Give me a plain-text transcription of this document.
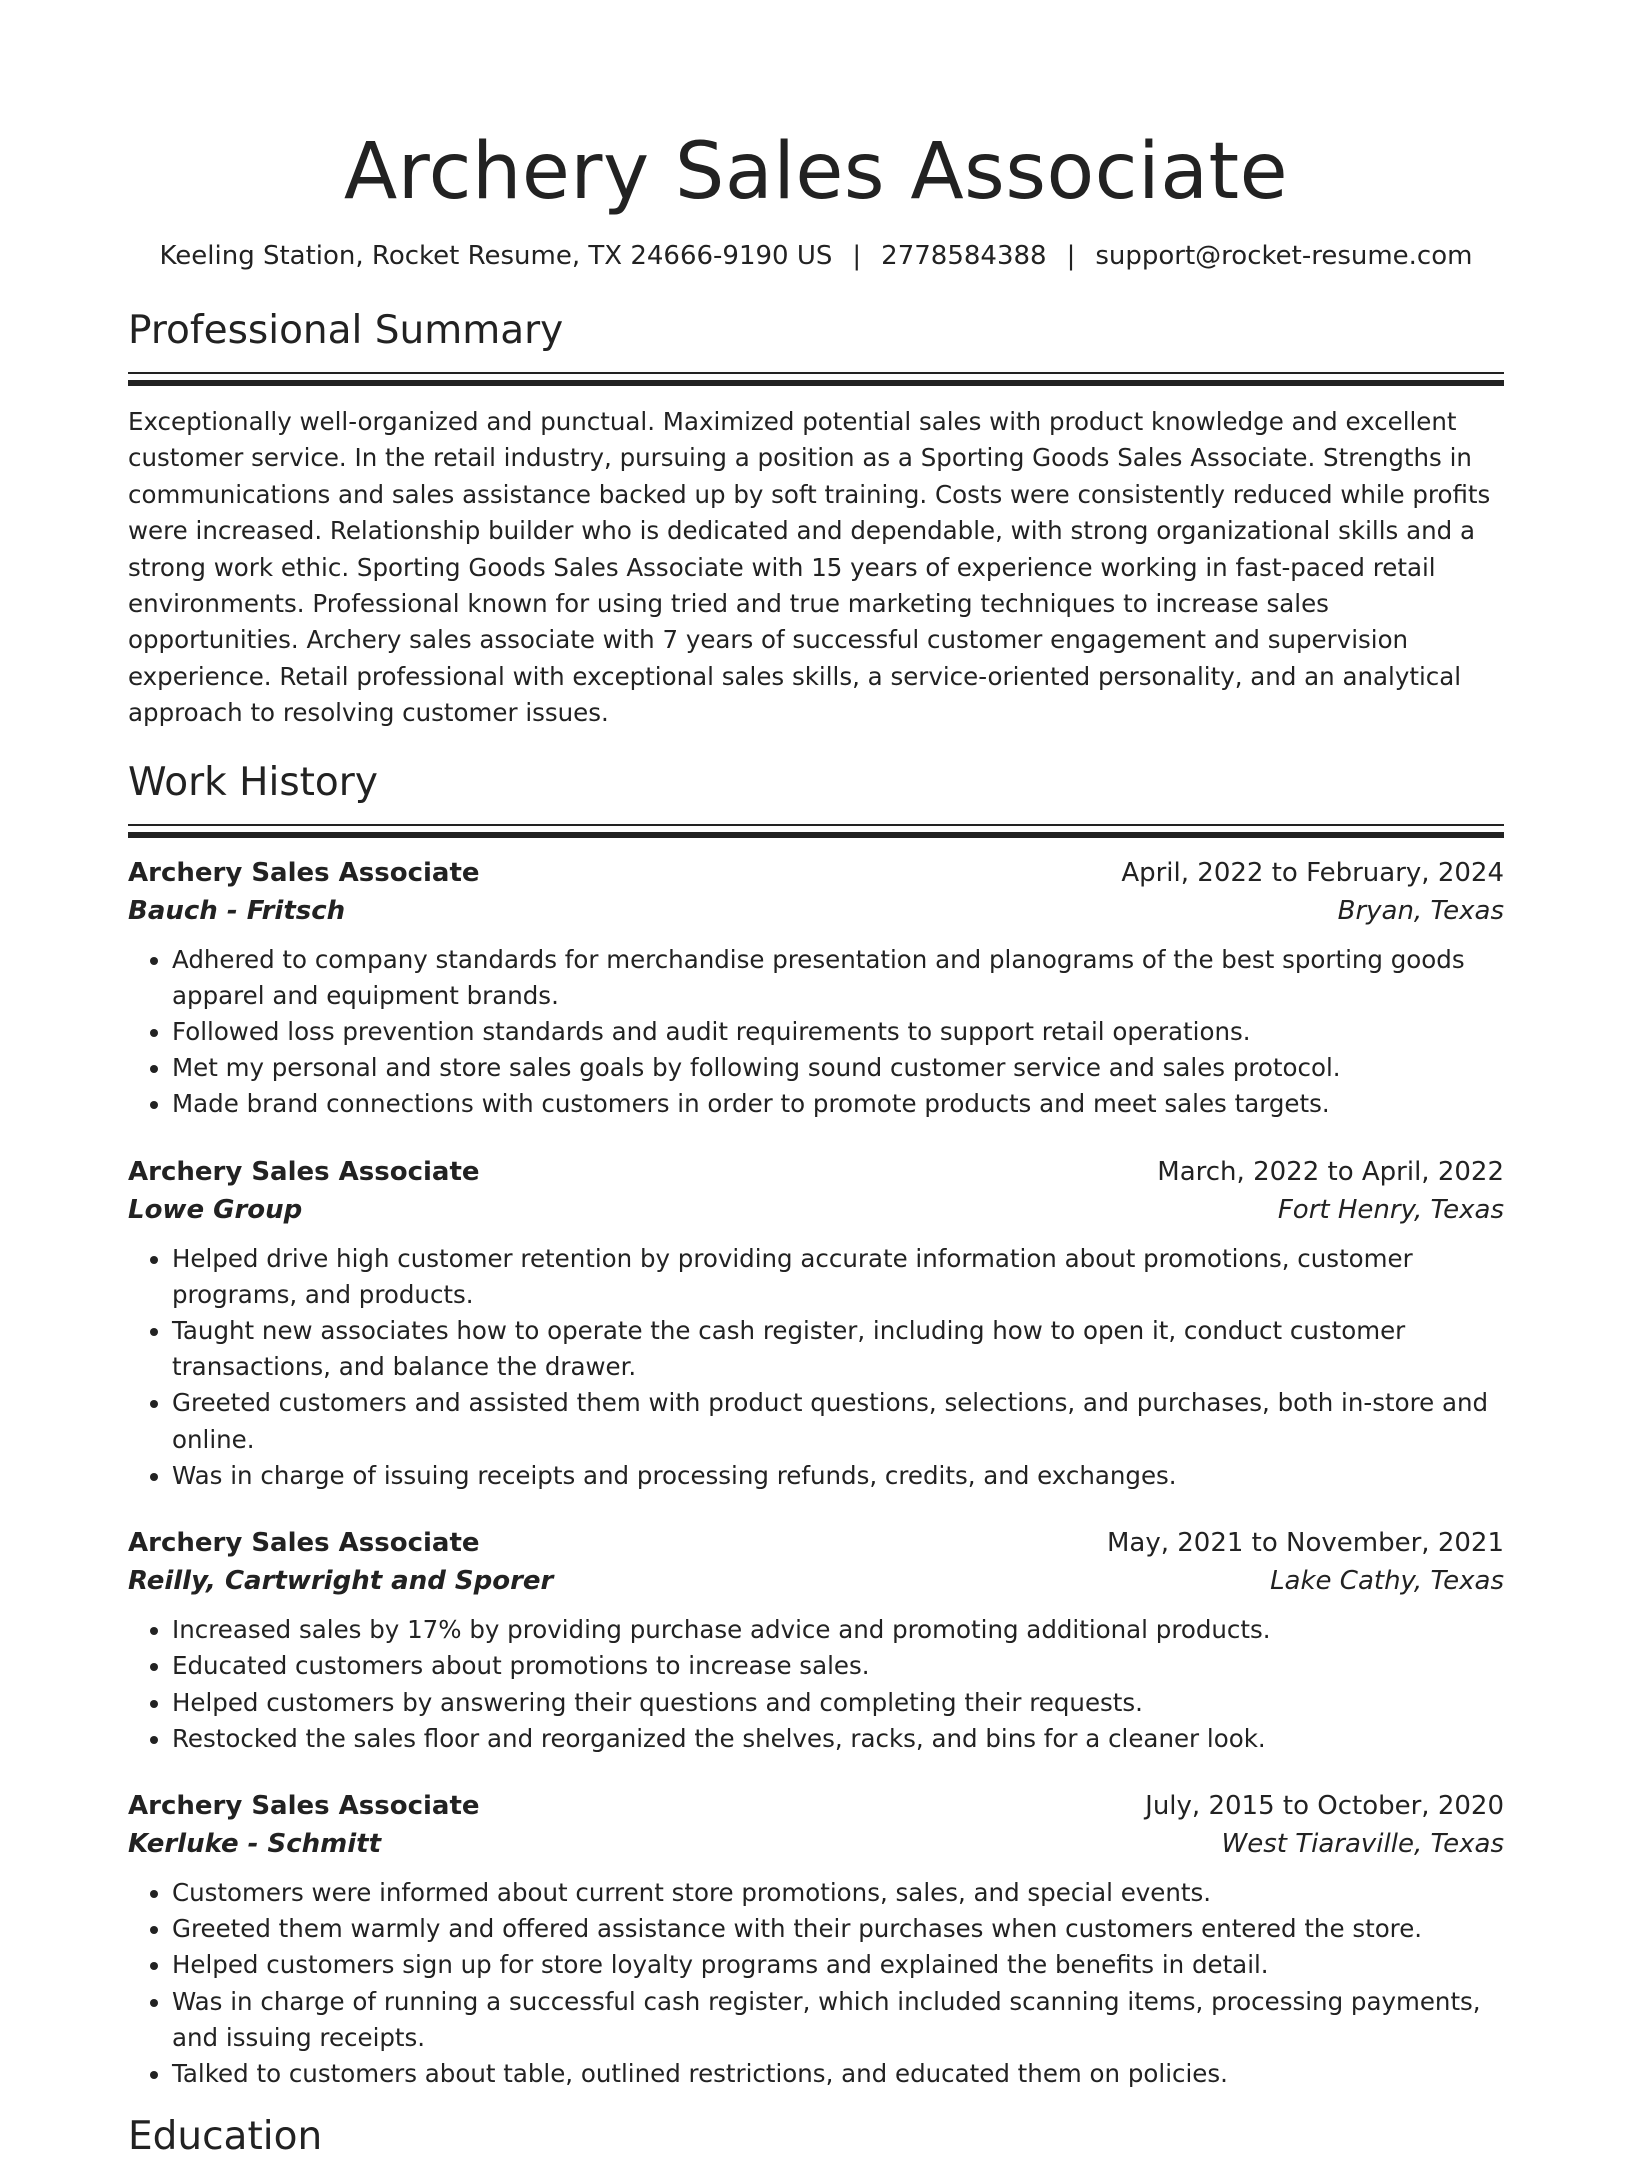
Archery Sales Associate
Keeling Station, Rocket Resume, TX 24666-9190 US | 2778584388 | support@rocket-resume.com
Professional Summary

Exceptionally well-organized and punctual. Maximized potential sales with product knowledge and excellent customer service. In the retail industry, pursuing a position as a Sporting Goods Sales Associate. Strengths in communications and sales assistance backed up by soft training. Costs were consistently reduced while profits were increased. Relationship builder who is dedicated and dependable, with strong organizational skills and a strong work ethic. Sporting Goods Sales Associate with 15 years of experience working in fast-paced retail environments. Professional known for using tried and true marketing techniques to increase sales opportunities. Archery sales associate with 7 years of successful customer engagement and supervision experience. Retail professional with exceptional sales skills, a service-oriented personality, and an analytical approach to resolving customer issues.

Work History
Archery Sales Associate	April, 2022 to February, 2024
Bauch - Fritsch	Bryan, Texas
• Adhered to company standards for merchandise presentation and planograms of the best sporting goods apparel and equipment brands.
• Followed loss prevention standards and audit requirements to support retail operations.
• Met my personal and store sales goals by following sound customer service and sales protocol.
• Made brand connections with customers in order to promote products and meet sales targets.
Archery Sales Associate	March, 2022 to April, 2022
Lowe Group	Fort Henry, Texas
• Helped drive high customer retention by providing accurate information about promotions, customer programs, and products.
• Taught new associates how to operate the cash register, including how to open it, conduct customer transactions, and balance the drawer.
• Greeted customers and assisted them with product questions, selections, and purchases, both in-store and online.
• Was in charge of issuing receipts and processing refunds, credits, and exchanges.
Archery Sales Associate	May, 2021 to November, 2021
Reilly, Cartwright and Sporer	Lake Cathy, Texas
• Increased sales by 17% by providing purchase advice and promoting additional products.
• Educated customers about promotions to increase sales.
• Helped customers by answering their questions and completing their requests.
• Restocked the sales floor and reorganized the shelves, racks, and bins for a cleaner look.
Archery Sales Associate	July, 2015 to October, 2020
Kerluke - Schmitt	West Tiaraville, Texas
• Customers were informed about current store promotions, sales, and special events.
• Greeted them warmly and offered assistance with their purchases when customers entered the store.
• Helped customers sign up for store loyalty programs and explained the benefits in detail.
• Was in charge of running a successful cash register, which included scanning items, processing payments, and issuing receipts.
• Talked to customers about table, outlined restrictions, and educated them on policies.
Education
